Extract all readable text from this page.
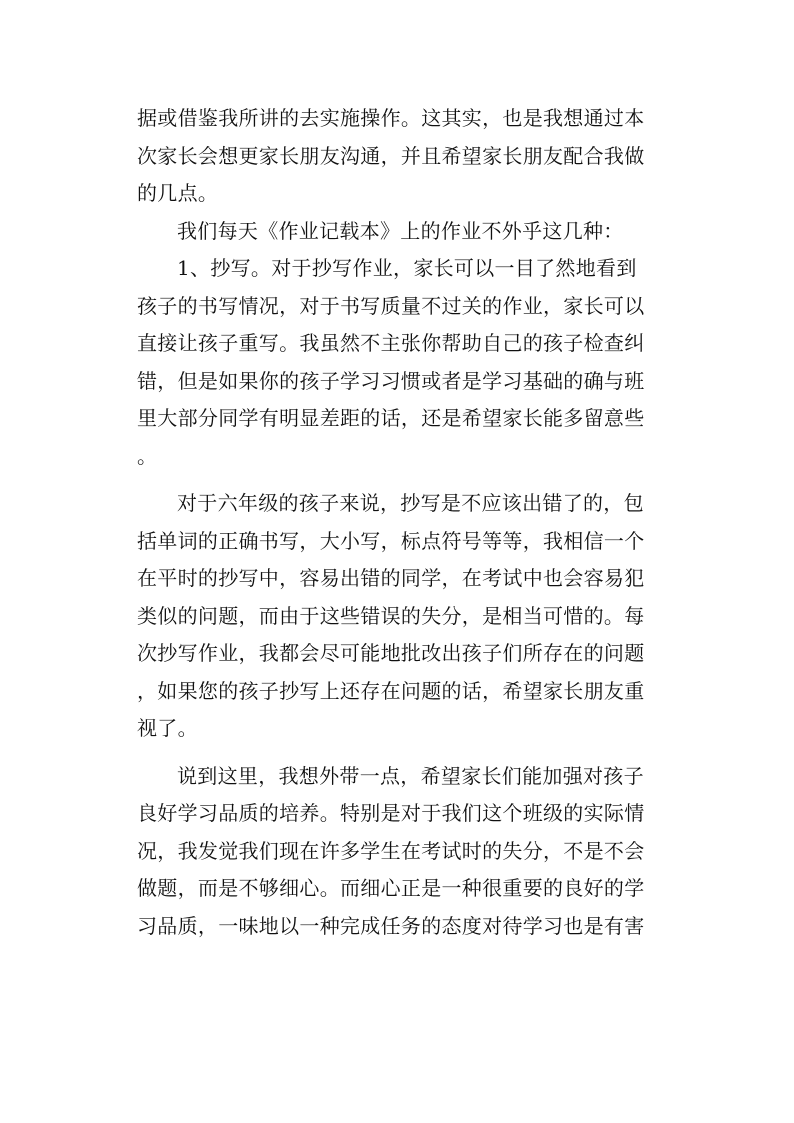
据或借鉴我所讲的去实施操作。这其实，也是我想通过本
次家长会想更家长朋友沟通，并且希望家长朋友配合我做
的几点。
我们每天《作业记载本》上的作业不外乎这几种：
1、抄写。对于抄写作业，家长可以一目了然地看到
孩子的书写情况，对于书写质量不过关的作业，家长可以
直接让孩子重写。我虽然不主张你帮助自己的孩子检查纠
错，但是如果你的孩子学习习惯或者是学习基础的确与班
里大部分同学有明显差距的话，还是希望家长能多留意些
。
对于六年级的孩子来说，抄写是不应该出错了的，包
括单词的正确书写，大小写，标点符号等等，我相信一个
在平时的抄写中，容易出错的同学，在考试中也会容易犯
类似的问题，而由于这些错误的失分，是相当可惜的。每
次抄写作业，我都会尽可能地批改出孩子们所存在的问题
，如果您的孩子抄写上还存在问题的话，希望家长朋友重
视了。
说到这里，我想外带一点，希望家长们能加强对孩子
良好学习品质的培养。特别是对于我们这个班级的实际情
况，我发觉我们现在许多学生在考试时的失分，不是不会
做题，而是不够细心。而细心正是一种很重要的良好的学
习品质，一味地以一种完成任务的态度对待学习也是有害
